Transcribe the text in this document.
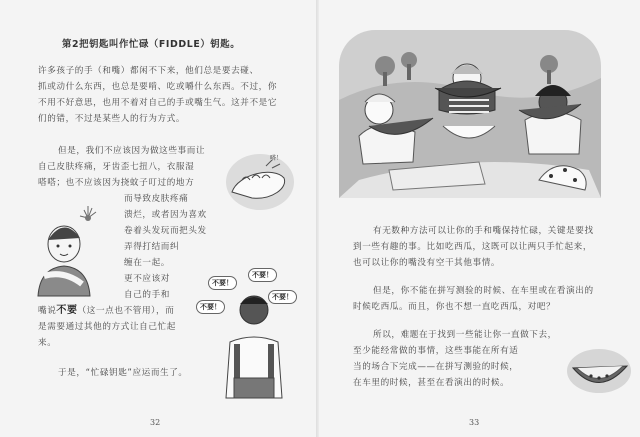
第2把钥匙叫作忙碌（FIDDLE）钥匙。
许多孩子的手（和嘴）都闲不下来，他们总是要去碰、
抓或动什么东西，也总是要啃、吃或嚼什么东西。不过，你
不用不好意思，也用不着对自己的手或嘴生气。这并不是它
们的错，不过是某些人的行为方式。
但是，我们不应该因为做这些事而让
自己皮肤疼痛，牙齿歪七扭八，衣服湿
嗒嗒；也不应该因为挠蚊子叮过的地方
而导致皮肤疼痛
溃烂，或者因为喜欢
卷着头发玩而把头发
弄得打结而纠
缠在一起。
更不应该对
自己的手和
嘴说不要（这一点也不管用），而
是需要通过其他的方式让自己忙起
来。
于是，“忙碌钥匙”应运而生了。
32
嗒！
不要！
不要！
不要！
不要！
有无数种方法可以让你的手和嘴保持忙碌，关键是要找
到一些有趣的事。比如吃西瓜，这既可以让两只手忙起来，
也可以让你的嘴没有空干其他事情。
但是，你不能在拼写测验的时候、在车里或在看演出的
时候吃西瓜。而且，你也不想一直吃西瓜，对吧？
所以，难题在于找到一些能让你一直做下去，
至少能经常做的事情，这些事能在所有适
当的场合下完成——在拼写测验的时候，
在车里的时候，甚至在看演出的时候。
33
